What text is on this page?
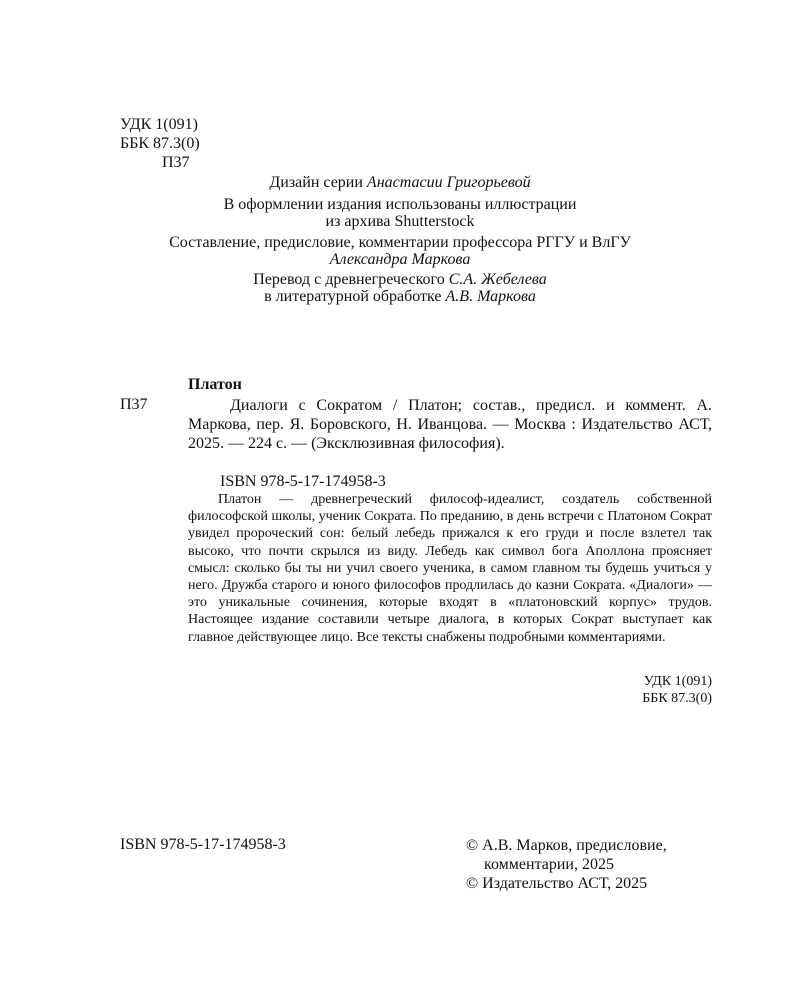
УДК 1(091)
ББК 87.3(0)
П37
Дизайн серии Анастасии Григорьевой
В оформлении издания использованы иллюстрации
из архива Shutterstock
Составление, предисловие, комментарии профессора РГГУ и ВлГУ
Александра Маркова
Перевод с древнегреческого С.А. Жебелева
в литературной обработке А.В. Маркова
Платон
П37	Диалоги с Сократом / Платон; состав., предисл. и коммент. А. Маркова, пер. Я. Боровского, Н. Иванцова. — Москва : Издательство АСТ, 2025. — 224 с. — (Эксклюзивная философия).
ISBN 978-5-17-174958-3
Платон — древнегреческий философ-идеалист, создатель собственной философской школы, ученик Сократа. По преданию, в день встречи с Платоном Сократ увидел пророческий сон: белый лебедь прижался к его груди и после взлетел так высоко, что почти скрылся из виду. Лебедь как символ бога Аполлона проясняет смысл: сколько бы ты ни учил своего ученика, в самом главном ты будешь учиться у него. Дружба старого и юного философов продлилась до казни Сократа. «Диалоги» — это уникальные сочинения, которые входят в «платоновский корпус» трудов. Настоящее издание составили четыре диалога, в которых Сократ выступает как главное действующее лицо. Все тексты снабжены подробными комментариями.
УДК 1(091)
ББК 87.3(0)
ISBN 978-5-17-174958-3	© А.В. Марков, предисловие,
комментарии, 2025
© Издательство АСТ, 2025
